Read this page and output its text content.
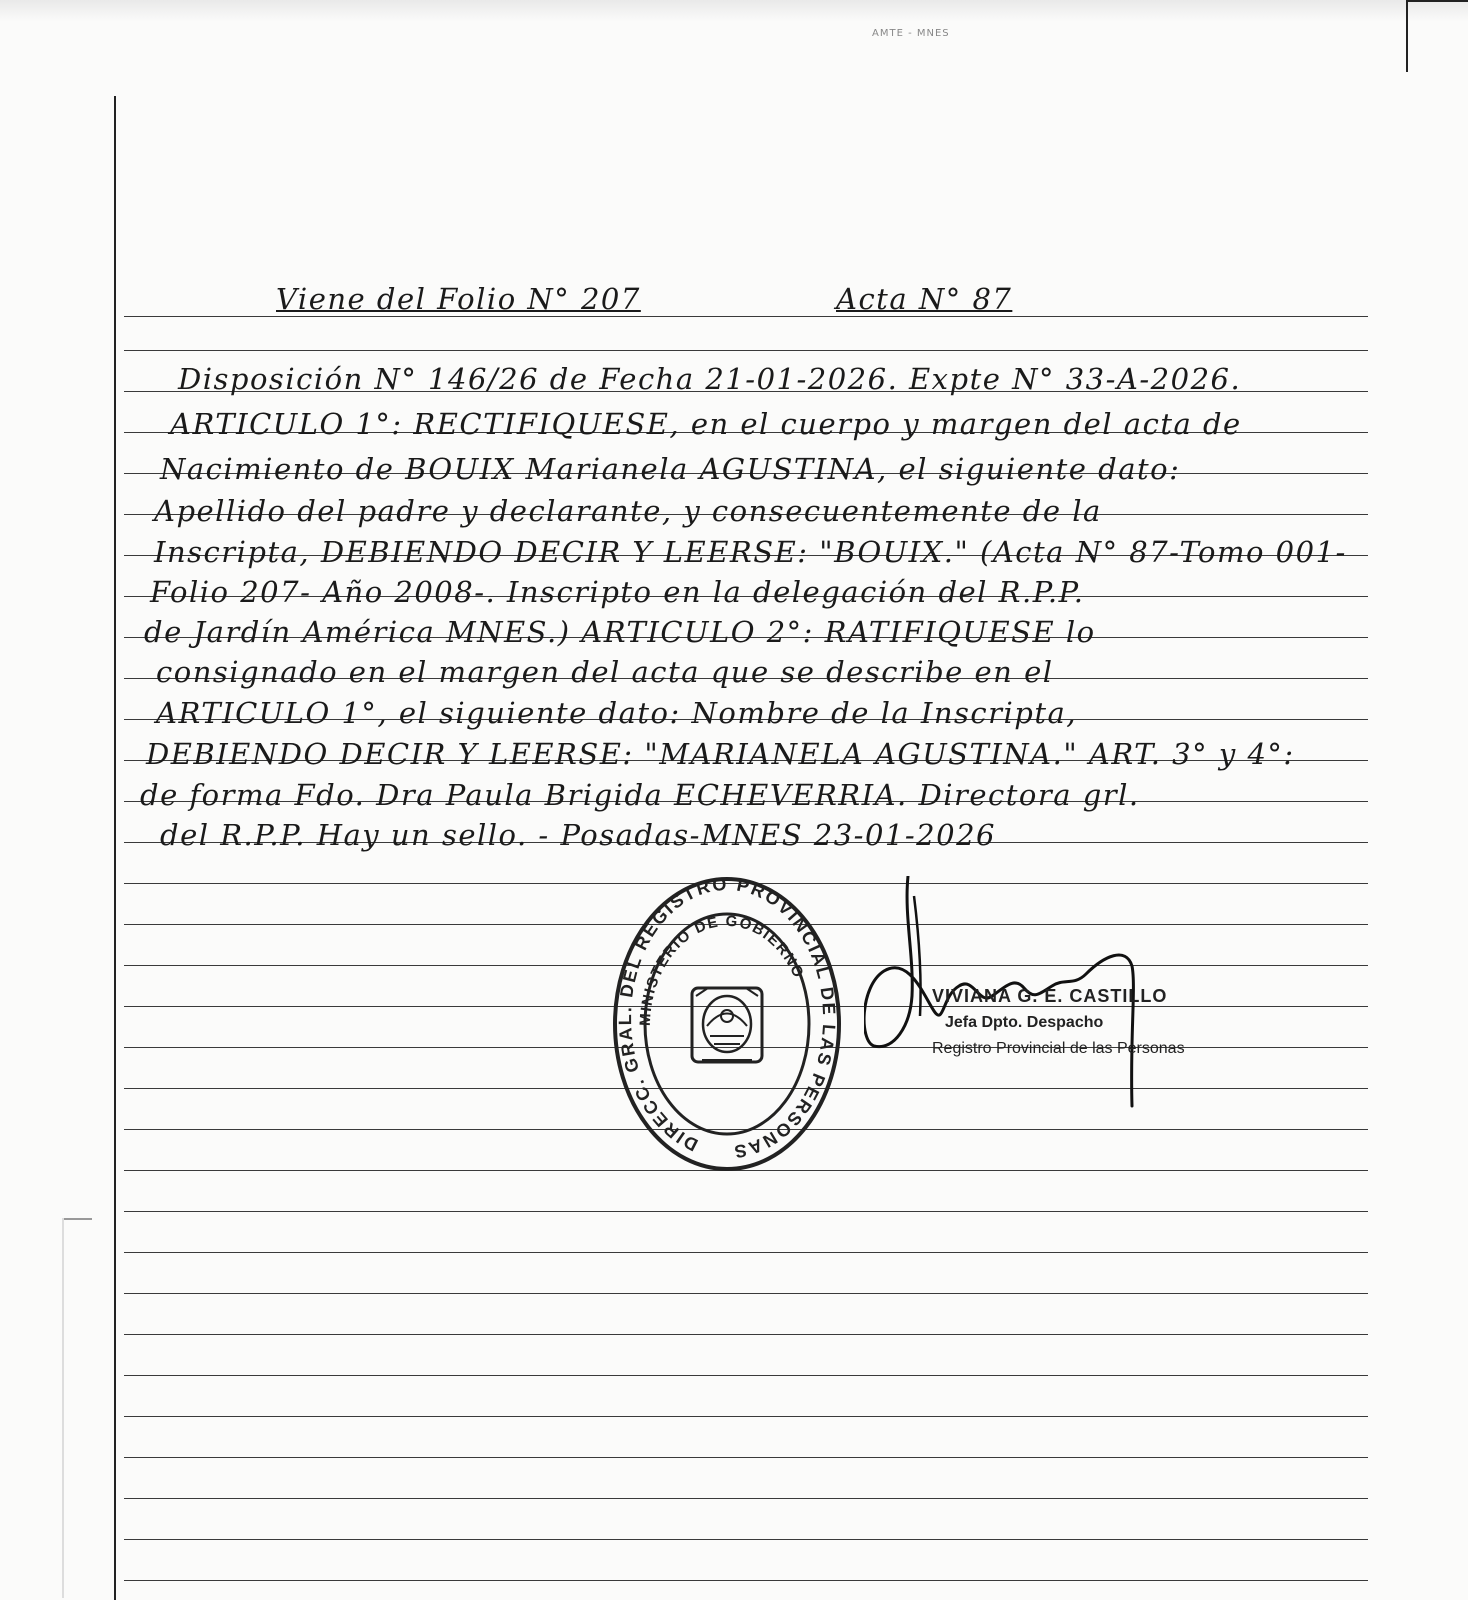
AMTE - MNES
Viene del Folio N° 207	Acta N° 87
Disposición N° 146/26 de Fecha 21-01-2026. Expte N° 33-A-2026.
ARTICULO 1°: RECTIFIQUESE, en el cuerpo y margen del acta de
Nacimiento de BOUIX Marianela AGUSTINA, el siguiente dato:
Apellido del padre y declarante, y consecuentemente de la
Inscripta, DEBIENDO DECIR Y LEERSE: "BOUIX." (Acta N° 87-Tomo 001-
Folio 207- Año 2008-. Inscripto en la delegación del R.P.P.
de Jardín América MNES.) ARTICULO 2°: RATIFIQUESE lo
consignado en el margen del acta que se describe en el
ARTICULO 1°, el siguiente dato: Nombre de la Inscripta,
DEBIENDO DECIR Y LEERSE: "MARIANELA AGUSTINA." ART. 3° y 4°:
de forma Fdo. Dra Paula Brigida ECHEVERRIA. Directora grl.
del R.P.P. Hay un sello. - Posadas-MNES 23-01-2026
DIRECC. GRAL. DEL REGISTRO PROVINCIAL DE LAS PERSONAS
MINISTERIO DE GOBIERNO
VIVIANA G. E. CASTILLO
Jefa Dpto. Despacho
Registro Provincial de las Personas
